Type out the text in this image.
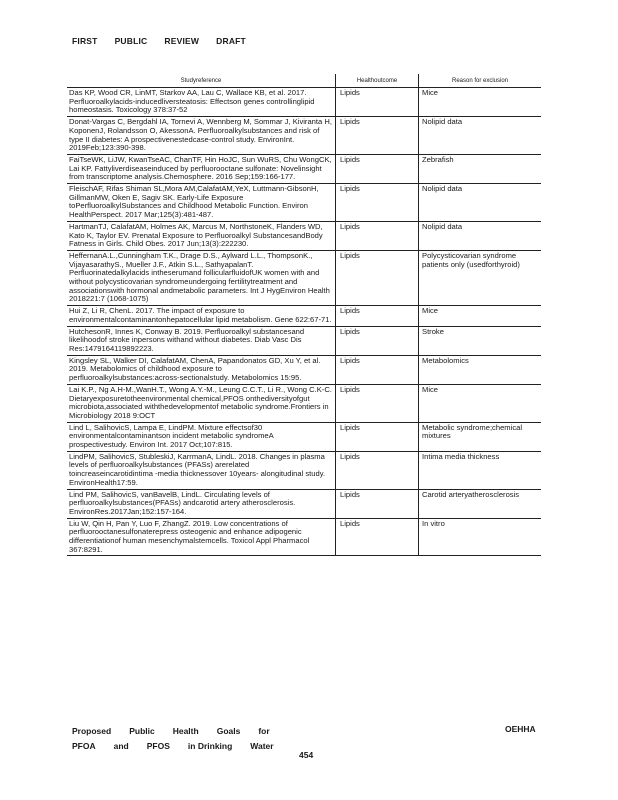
FIRST PUBLIC REVIEW DRAFT
Studyreference	Healthoutcome	Reason for exclusion
Das KP, Wood CR, LinMT, Starkov AA, Lau C, Wallace KB, et al. 2017. Perfluoroalkylacids-inducedliversteatosis: Effectson genes controllinglipid homeostasis. Toxicology 378:37-52	Lipids	Mice
Donat-Vargas C, Bergdahl IA, Tornevi A, Wennberg M, Sommar J, Kiviranta H, KoponenJ, Rolandsson O, AkessonA. Perfluoroalkylsubstances and risk of type II diabetes: A prospectivenestedcase-control study. EnvironInt. 2019Feb;123:390-398.	Lipids	Nolipid data
FaiTseWK, LiJW, KwanTseAC, ChanTF, Hin HoJC, Sun WuRS, Chu WongCK, Lai KP. Fattyliverdiseaseinduced by perfluorooctane sulfonate: Novelinsight from transcriptome analysis.Chemosphere. 2016 Sep;159:166-177.	Lipids	Zebrafish
FleischAF, Rifas Shiman SL,Mora AM,CalafatAM,YeX, Luttmann-GibsonH, GillmanMW, Oken E, Sagiv SK. Early-Life Exposure toPerfluoroalkylSubstances and Childhood Metabolic Function. Environ HealthPerspect. 2017 Mar;125(3):481-487.	Lipids	Nolipid data
HartmanTJ, CalafatAM, Holmes AK, Marcus M, NorthstoneK, Flanders WD, Kato K, Taylor EV. Prenatal Exposure to Perfluoroalkyl SubstancesandBody Fatness in Girls. Child Obes. 2017 Jun;13(3):222230.	Lipids	Nolipid data
HeffernanA.L.,Cunningham T.K., Drage D.S., Aylward L.L., ThompsonK., VijayasarathyS., Mueller J.F., Atkin S.L., SathyapalanT. Perfluorinatedalkylacids intheserumand follicularfluidofUK women with and without polycysticovarian syndromeundergoing fertilitytreatment and associationswith hormonal andmetabolic parameters. Int J HygEnviron Health 2018221:7 (1068-1075)	Lipids	Polycysticovarian syndrome patients only (usedforthyroid)
Hui Z, Li R, ChenL. 2017. The impact of exposure to environmentalcontaminantonhepatocellular lipid metabolism. Gene 622:67-71.	Lipids	Mice
HutchesonR, Innes K, Conway B. 2019. Perfluoroalkyl substancesand likelihoodof stroke inpersons withand without diabetes. Diab Vasc Dis Res:1479164119892223.	Lipids	Stroke
Kingsley SL, Walker DI, CalafatAM, ChenA, Papandonatos GD, Xu Y, et al. 2019. Metabolomics of childhood exposure to perfluoroalkylsubstances:across-sectionalstudy. Metabolomics 15:95.	Lipids	Metabolomics
Lai K.P., Ng A.H-M.,WanH.T., Wong A.Y.-M., Leung C.C.T., Li R., Wong C.K-C. Dietaryexposuretotheenvironmental chemical,PFOS onthediversityofgut microbiota,associated withthedevelopmentof metabolic syndrome.Frontiers in Microbiology 2018 9:OCT	Lipids	Mice
Lind L, SalihovicS, Lampa E, LindPM. Mixture effectsof30 environmentalcontaminantson incident metabolic syndromeA prospectivestudy. Environ Int. 2017 Oct;107:815.	Lipids	Metabolic syndrome;chemical mixtures
LindPM, SalihovicS, StubleskiJ, KarrmanA, LindL. 2018. Changes in plasma levels of perfluoroalkylsubstances (PFASs) arerelated toincreaseincarotidintima -media thicknessover 10years- alongitudinal study. EnvironHealth17:59.	Lipids	Intima media thickness
Lind PM, SalihovicS, vanBavelB, LindL. Circulating levels of perfluoroalkylsubstances(PFASs) andcarotid artery atherosclerosis. EnvironRes.2017Jan;152:157-164.	Lipids	Carotid arteryatherosclerosis
Liu W, Qin H, Pan Y, Luo F, ZhangZ. 2019. Low concentrations of perfluorooctanesulfonaterepress osteogenic and enhance adipogenic differentiationof human mesenchymalstemcells. Toxicol Appl Pharmacol 367:8291.	Lipids	In vitro
Proposed Public Health Goals for
PFOA and PFOS in Drinking Water
OEHHA
454
